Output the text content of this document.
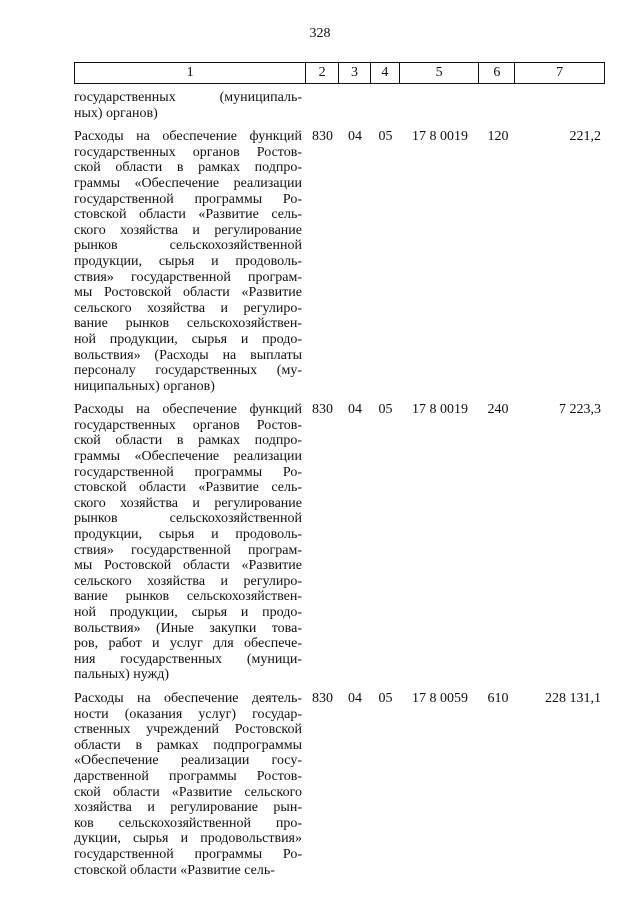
328
1	2	3	4	5	6	7
государственных (муниципаль-
ных) органов)
Расходы на обеспечение функций
государственных органов Ростов-
ской области в рамках подпро-
граммы «Обеспечение реализации
государственной программы Ро-
стовской области «Развитие сель-
ского хозяйства и регулирование
рынков сельскохозяйственной
продукции, сырья и продоволь-
ствия» государственной програм-
мы Ростовской области «Развитие
сельского хозяйства и регулиро-
вание рынков сельскохозяйствен-
ной продукции, сырья и продо-
вольствия» (Расходы на выплаты
персоналу государственных (му-
ниципальных) органов)
830	04	05	17 8 0019	120	221,2
Расходы на обеспечение функций
государственных органов Ростов-
ской области в рамках подпро-
граммы «Обеспечение реализации
государственной программы Ро-
стовской области «Развитие сель-
ского хозяйства и регулирование
рынков сельскохозяйственной
продукции, сырья и продоволь-
ствия» государственной програм-
мы Ростовской области «Развитие
сельского хозяйства и регулиро-
вание рынков сельскохозяйствен-
ной продукции, сырья и продо-
вольствия» (Иные закупки това-
ров, работ и услуг для обеспече-
ния государственных (муници-
пальных) нужд)
830	04	05	17 8 0019	240	7 223,3
Расходы на обеспечение деятель-
ности (оказания услуг) государ-
ственных учреждений Ростовской
области в рамках подпрограммы
«Обеспечение реализации госу-
дарственной программы Ростов-
ской области «Развитие сельского
хозяйства и регулирование рын-
ков сельскохозяйственной про-
дукции, сырья и продовольствия»
государственной программы Ро-
стовской области «Развитие сель-
830	04	05	17 8 0059	610	228 131,1
